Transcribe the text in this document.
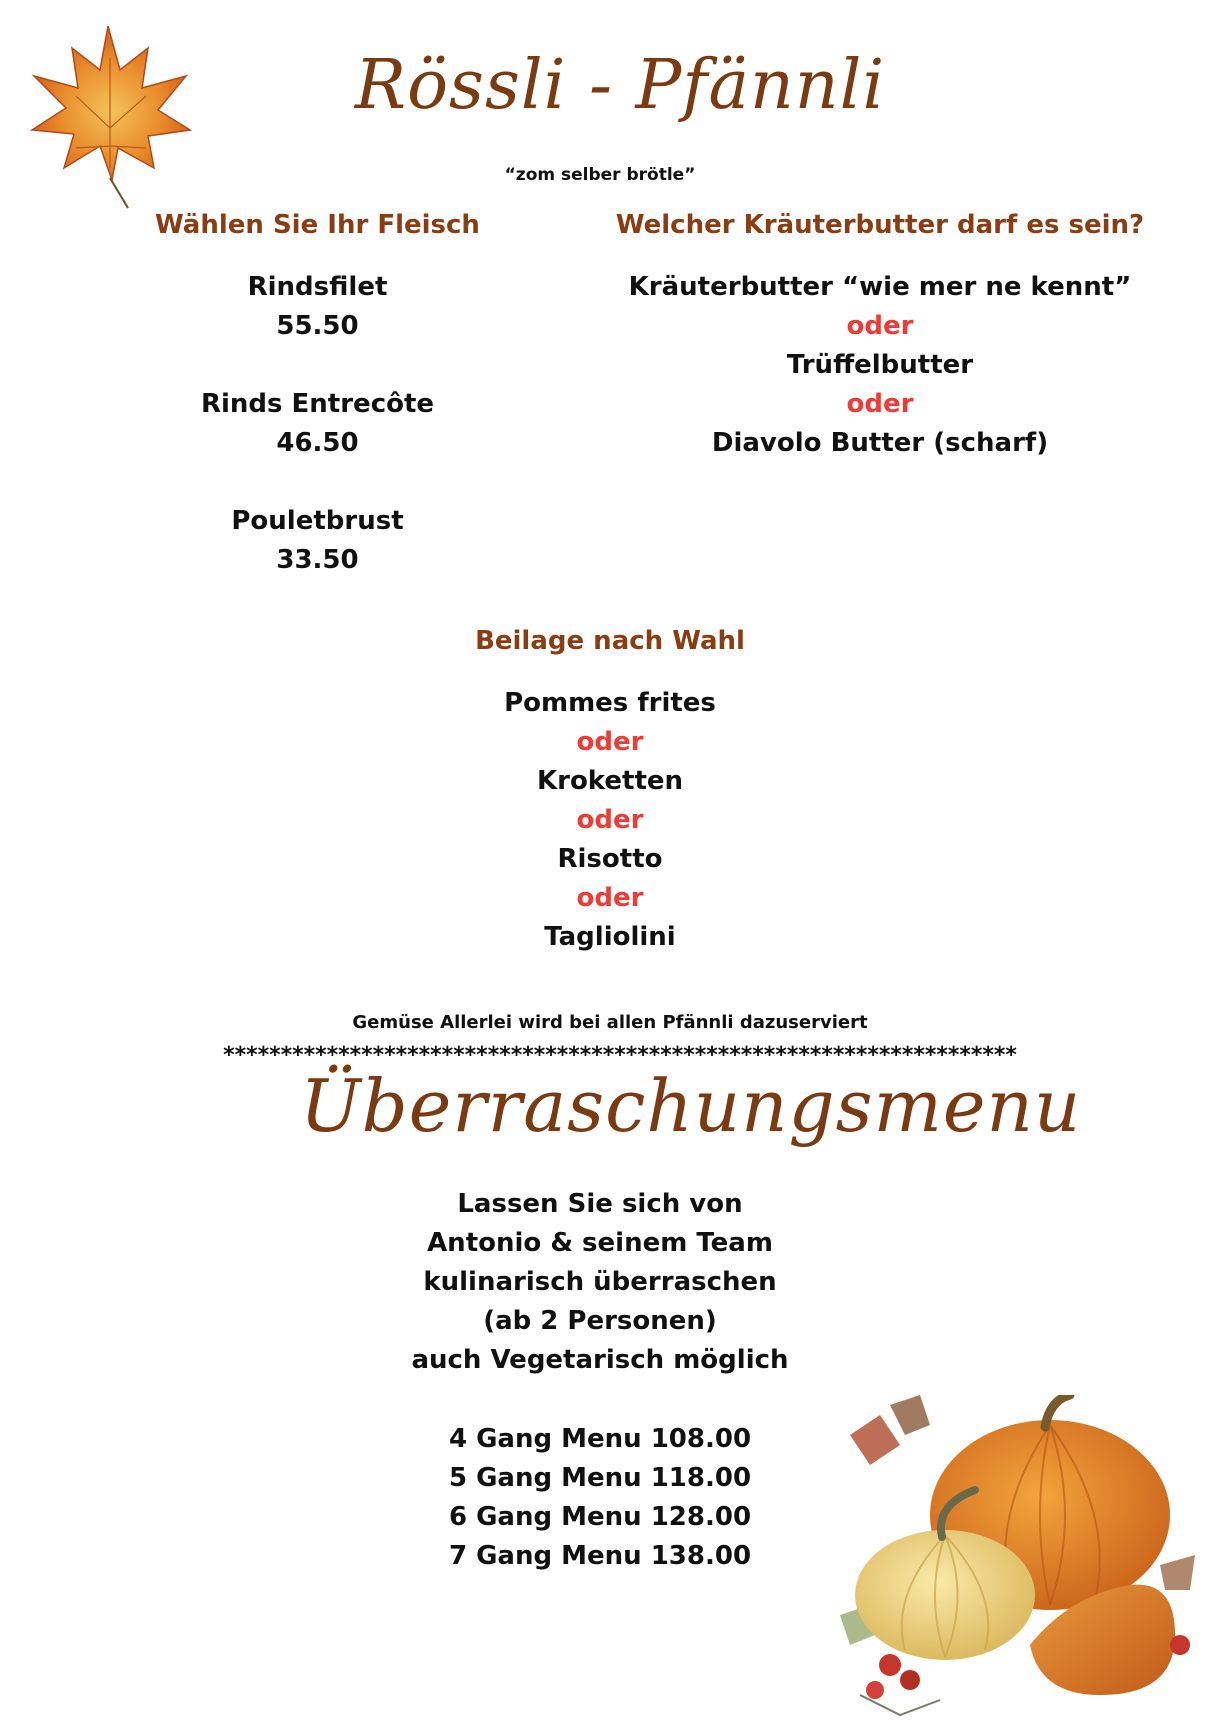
Rössli - Pfännli
“zom selber brötle”
Wählen Sie Ihr Fleisch
Rindsfilet
55.50
Rinds Entrecôte
46.50
Pouletbrust
33.50
Welcher Kräuterbutter darf es sein?
Kräuterbutter “wie mer ne kennt”
oder
Trüffelbutter
oder
Diavolo Butter (scharf)
Beilage nach Wahl
Pommes frites
oder
Kroketten
oder
Risotto
oder
Tagliolini
Gemüse Allerlei wird bei allen Pfännli dazuserviert
*********************************************************************
Überraschungsmenu
Lassen Sie sich von
Antonio & seinem Team
kulinarisch überraschen
(ab 2 Personen)
auch Vegetarisch möglich
4 Gang Menu 108.00
5 Gang Menu 118.00
6 Gang Menu 128.00
7 Gang Menu 138.00
